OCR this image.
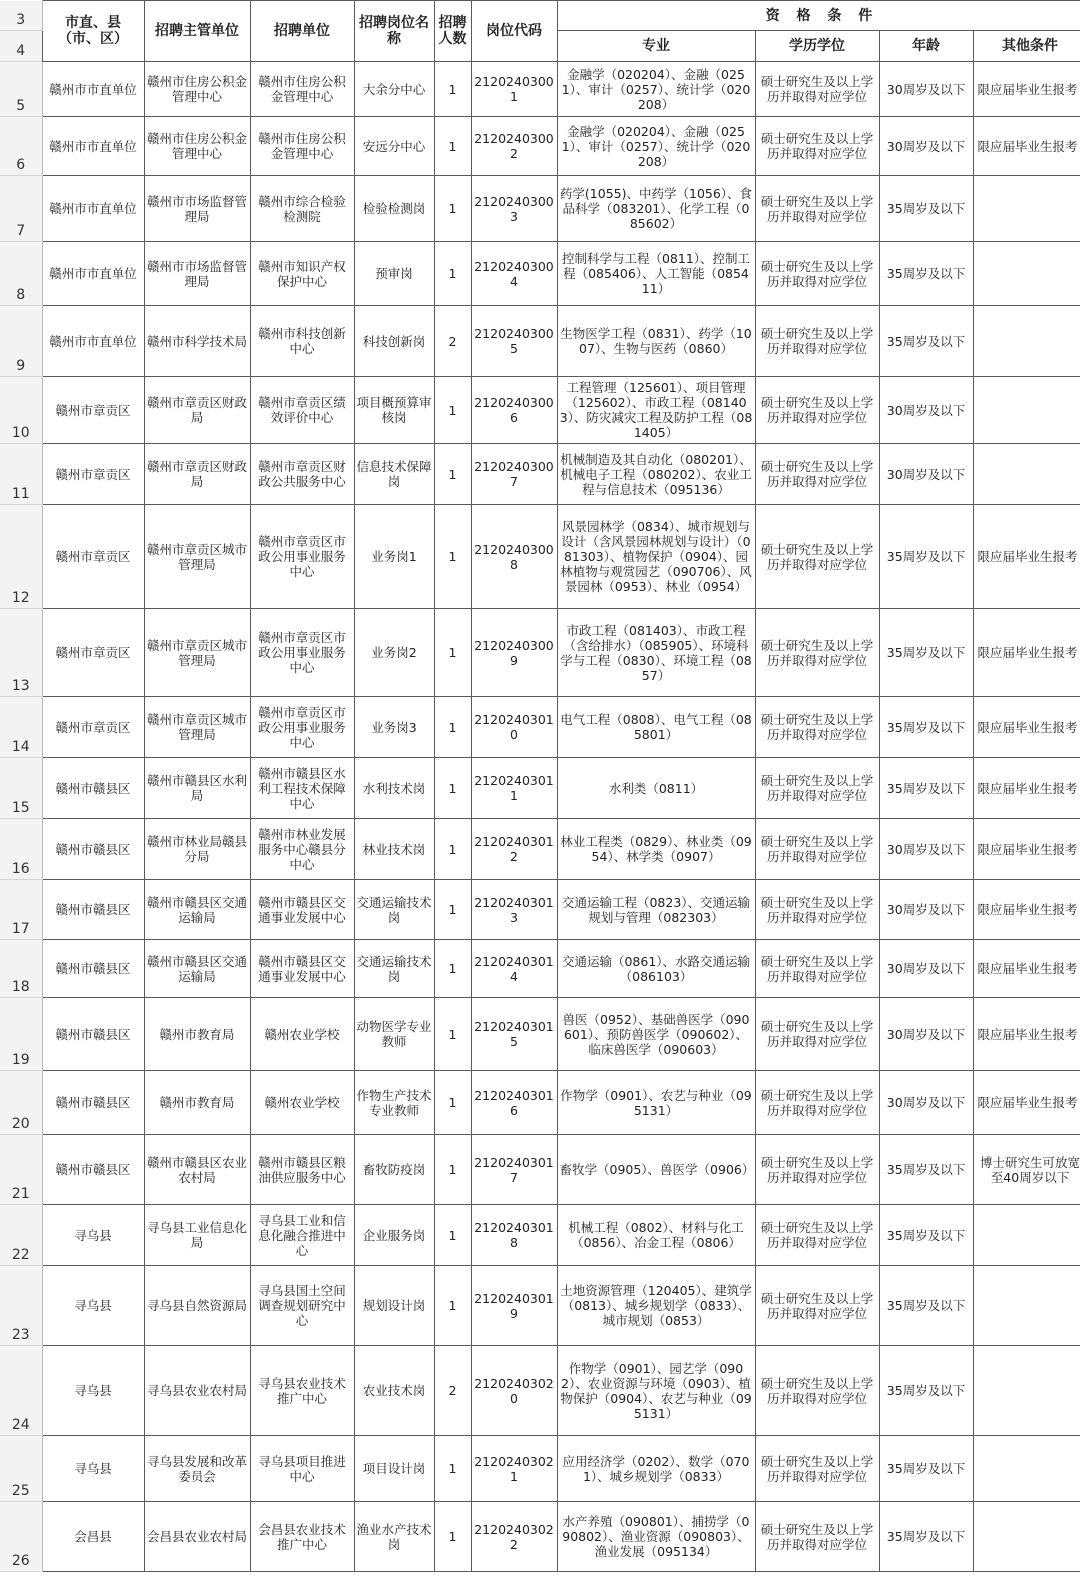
3	市直、县（市、区）	招聘主管单位	招聘单位	招聘岗位名称	招聘人数	岗位代码	资 格 条 件			
4							专业	学历学位	年龄	其他条件
5	赣州市市直单位	赣州市住房公积金管理中心	赣州市住房公积金管理中心	大余分中心	1	21202403001	金融学（020204）、金融（0251）、审计（0257）、统计学（020208）	硕士研究生及以上学历并取得对应学位	30周岁及以下	限应届毕业生报考
6	赣州市市直单位	赣州市住房公积金管理中心	赣州市住房公积金管理中心	安远分中心	1	21202403002	金融学（020204）、金融（0251）、审计（0257）、统计学（020208）	硕士研究生及以上学历并取得对应学位	30周岁及以下	限应届毕业生报考
7	赣州市市直单位	赣州市市场监督管理局	赣州市综合检验检测院	检验检测岗	1	21202403003	药学(1055)、中药学（1056）、食品科学（083201）、化学工程（085602）	硕士研究生及以上学历并取得对应学位	35周岁及以下	
8	赣州市市直单位	赣州市市场监督管理局	赣州市知识产权保护中心	预审岗	1	21202403004	控制科学与工程（0811）、控制工程（085406）、人工智能（085411）	硕士研究生及以上学历并取得对应学位	35周岁及以下	
9	赣州市市直单位	赣州市科学技术局	赣州市科技创新中心	科技创新岗	2	21202403005	生物医学工程（0831）、药学（1007）、生物与医药（0860）	硕士研究生及以上学历并取得对应学位	35周岁及以下	
10	赣州市章贡区	赣州市章贡区财政局	赣州市章贡区绩效评价中心	项目概预算审核岗	1	21202403006	工程管理（125601）、项目管理（125602）、市政工程（081403）、防灾减灾工程及防护工程（081405）	硕士研究生及以上学历并取得对应学位	30周岁及以下	
11	赣州市章贡区	赣州市章贡区财政局	赣州市章贡区财政公共服务中心	信息技术保障岗	1	21202403007	机械制造及其自动化（080201）、机械电子工程（080202）、农业工程与信息技术（095136）	硕士研究生及以上学历并取得对应学位	30周岁及以下	
12	赣州市章贡区	赣州市章贡区城市管理局	赣州市章贡区市政公用事业服务中心	业务岗1	1	21202403008	风景园林学（0834）、城市规划与设计（含风景园林规划与设计）（081303）、植物保护（0904）、园林植物与观赏园艺（090706）、风景园林（0953）、林业（0954）	硕士研究生及以上学历并取得对应学位	35周岁及以下	限应届毕业生报考
13	赣州市章贡区	赣州市章贡区城市管理局	赣州市章贡区市政公用事业服务中心	业务岗2	1	21202403009	市政工程（081403）、市政工程（含给排水）（085905）、环境科学与工程（0830）、环境工程（0857）	硕士研究生及以上学历并取得对应学位	35周岁及以下	限应届毕业生报考
14	赣州市章贡区	赣州市章贡区城市管理局	赣州市章贡区市政公用事业服务中心	业务岗3	1	21202403010	电气工程（0808）、电气工程（085801）	硕士研究生及以上学历并取得对应学位	35周岁及以下	限应届毕业生报考
15	赣州市赣县区	赣州市赣县区水利局	赣州市赣县区水利工程技术保障中心	水利技术岗	1	21202403011	水利类（0811）	硕士研究生及以上学历并取得对应学位	35周岁及以下	限应届毕业生报考
16	赣州市赣县区	赣州市林业局赣县分局	赣州市林业发展服务中心赣县分中心	林业技术岗	1	21202403012	林业工程类（0829）、林业类（0954）、林学类（0907）	硕士研究生及以上学历并取得对应学位	30周岁及以下	限应届毕业生报考
17	赣州市赣县区	赣州市赣县区交通运输局	赣州市赣县区交通事业发展中心	交通运输技术岗	1	21202403013	交通运输工程（0823）、交通运输规划与管理（082303）	硕士研究生及以上学历并取得对应学位	30周岁及以下	限应届毕业生报考
18	赣州市赣县区	赣州市赣县区交通运输局	赣州市赣县区交通事业发展中心	交通运输技术岗	1	21202403014	交通运输（0861）、水路交通运输（086103）	硕士研究生及以上学历并取得对应学位	30周岁及以下	限应届毕业生报考
19	赣州市赣县区	赣州市教育局	赣州农业学校	动物医学专业教师	1	21202403015	兽医（0952）、基础兽医学（090601）、预防兽医学（090602）、临床兽医学（090603）	硕士研究生及以上学历并取得对应学位	30周岁及以下	限应届毕业生报考
20	赣州市赣县区	赣州市教育局	赣州农业学校	作物生产技术专业教师	1	21202403016	作物学（0901）、农艺与种业（095131）	硕士研究生及以上学历并取得对应学位	30周岁及以下	限应届毕业生报考
21	赣州市赣县区	赣州市赣县区农业农村局	赣州市赣县区粮油供应服务中心	畜牧防疫岗	1	21202403017	畜牧学（0905）、兽医学（0906）	硕士研究生及以上学历并取得对应学位	35周岁及以下	博士研究生可放宽至40周岁以下
22	寻乌县	寻乌县工业信息化局	寻乌县工业和信息化融合推进中心	企业服务岗	1	21202403018	机械工程（0802）、材料与化工（0856）、冶金工程（0806）	硕士研究生及以上学历并取得对应学位	35周岁及以下	
23	寻乌县	寻乌县自然资源局	寻乌县国土空间调查规划研究中心	规划设计岗	1	21202403019	土地资源管理（120405）、建筑学（0813）、城乡规划学（0833）、城市规划（0853）	硕士研究生及以上学历并取得对应学位	35周岁及以下	
24	寻乌县	寻乌县农业农村局	寻乌县农业技术推广中心	农业技术岗	2	21202403020	作物学（0901）、园艺学（0902）、农业资源与环境（0903）、植物保护（0904）、农艺与种业（095131）	硕士研究生及以上学历并取得对应学位	35周岁及以下	
25	寻乌县	寻乌县发展和改革委员会	寻乌县项目推进中心	项目设计岗	1	21202403021	应用经济学（0202）、数学（0701）、城乡规划学（0833）	硕士研究生及以上学历并取得对应学位	35周岁及以下	
26	会昌县	会昌县农业农村局	会昌县农业技术推广中心	渔业水产技术岗	1	21202403022	水产养殖（090801）、捕捞学（090802）、渔业资源（090803）、渔业发展（095134）	硕士研究生及以上学历并取得对应学位	35周岁及以下	
